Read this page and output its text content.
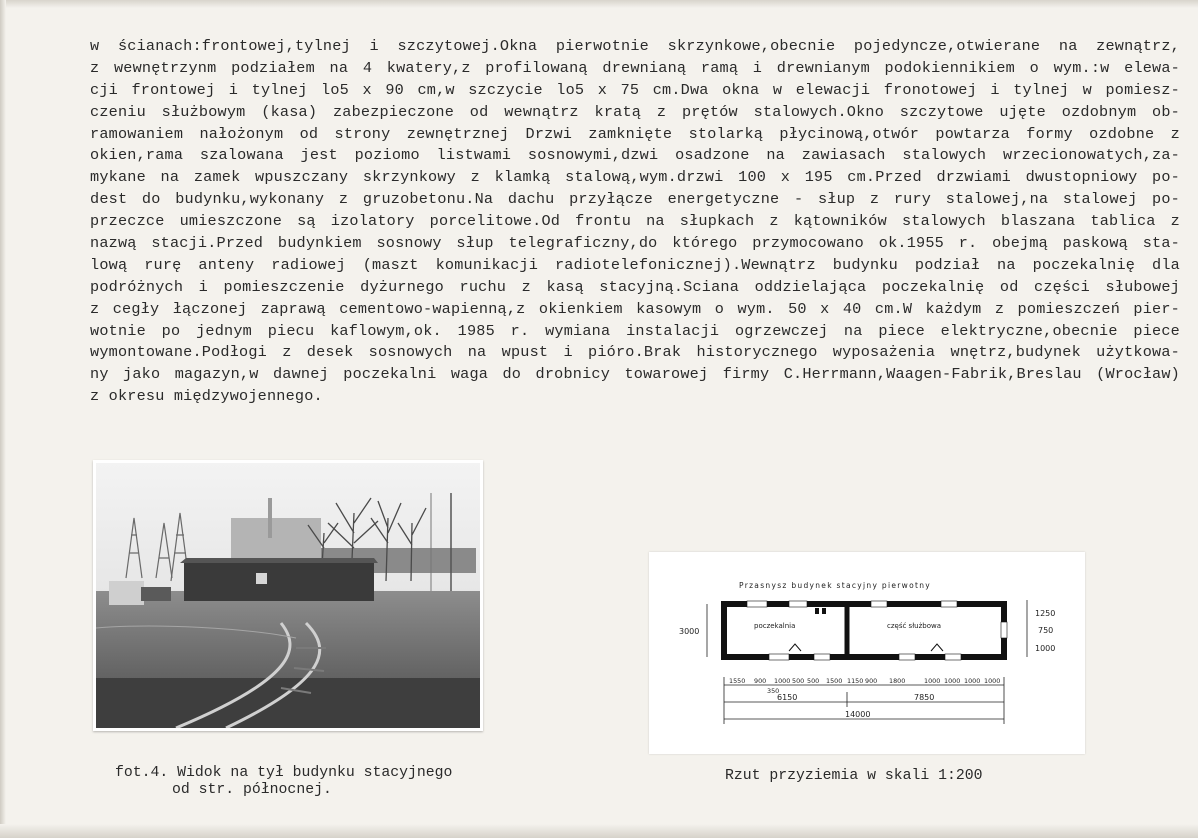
w ścianach:frontowej,tylnej i szczytowej.Okna pierwotnie skrzynkowe,obecnie pojedyncze,otwierane na zewnątrz,
z wewnętrzynm podziałem na 4 kwatery,z profilowaną drewnianą ramą i drewnianym podokiennikiem o wym.:w elewa-
cji frontowej i tylnej lo5 x 90 cm,w szczycie lo5 x 75 cm.Dwa okna w elewacji fronotowej i tylnej w pomiesz-
czeniu służbowym (kasa) zabezpieczone od wewnątrz kratą z prętów stalowych.Okno szczytowe ujęte ozdobnym ob-
ramowaniem nałożonym od strony zewnętrznej Drzwi zamknięte stolarką płycinową,otwór powtarza formy ozdobne z
okien,rama szalowana jest poziomo listwami sosnowymi,dzwi osadzone na zawiasach stalowych wrzecionowatych,za-
mykane na zamek wpuszczany skrzynkowy z klamką stalową,wym.drzwi 100 x 195 cm.Przed drzwiami dwustopniowy po-
dest do budynku,wykonany z gruzobetonu.Na dachu przyłącze energetyczne - słup z rury stalowej,na stalowej po-
przeczce umieszczone są izolatory porcelitowe.Od frontu na słupkach z kątowników stalowych blaszana tablica z
nazwą stacji.Przed budynkiem sosnowy słup telegraficzny,do którego przymocowano ok.1955 r. obejmą paskową sta-
lową rurę anteny radiowej (maszt komunikacji radiotelefonicznej).Wewnątrz budynku podział na poczekalnię dla
podróżnych i pomieszczenie dyżurnego ruchu z kasą stacyjną.Sciana oddzielająca poczekalnię od części słubowej
z cegły łączonej zaprawą cementowo-wapienną,z okienkiem kasowym o wym. 50 x 40 cm.W każdym z pomieszczeń pier-
wotnie po jednym piecu kaflowym,ok. 1985 r. wymiana instalacji ogrzewczej na piece elektryczne,obecnie piece
wymontowane.Podłogi z desek sosnowych na wpust i pióro.Brak historycznego wyposażenia wnętrz,budynek użytkowa-
ny jako magazyn,w dawnej poczekalni waga do drobnicy towarowej firmy C.Herrmann,Waagen-Fabrik,Breslau (Wrocław)
z okresu międzywojennego.
fot.4. Widok na tył budynku stacyjnego
od str. północnej.
Przasnysz budynek stacyjny pierwotny
poczekalnia	część służbowa
3000
1250
750
1000
1550 900 1000 500 500 1500 1150 900 1800	1000 1000 1000 1000
350
6150	7850
14000
Rzut przyziemia w skali 1:200
